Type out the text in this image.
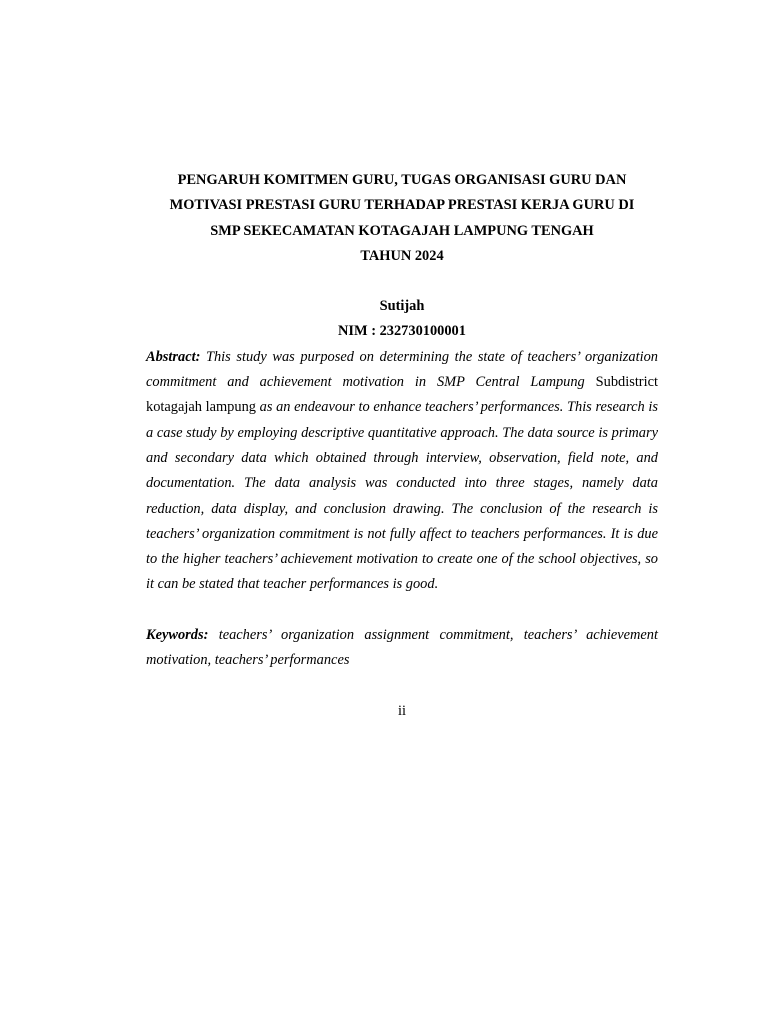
PENGARUH KOMITMEN GURU, TUGAS ORGANISASI GURU DAN
MOTIVASI PRESTASI GURU TERHADAP PRESTASI KERJA GURU DI
SMP SEKECAMATAN KOTAGAJAH LAMPUNG TENGAH
TAHUN 2024
Sutijah
NIM : 232730100001

Abstract: This study was purposed on determining the state of teachers’ organization commitment and achievement motivation in SMP Central Lampung Subdistrict kotagajah lampung as an endeavour to enhance teachers’ performances. This research is a case study by employing descriptive quantitative approach. The data source is primary and secondary data which obtained through interview, observation, field note, and documentation. The data analysis was conducted into three stages, namely data reduction, data display, and conclusion drawing. The conclusion of the research is teachers’ organization commitment is not fully affect to teachers performances. It is due to the higher teachers’ achievement motivation to create one of the school objectives, so it can be stated that teacher performances is good.

Keywords: teachers’ organization assignment commitment, teachers’ achievement motivation, teachers’ performances

ii
